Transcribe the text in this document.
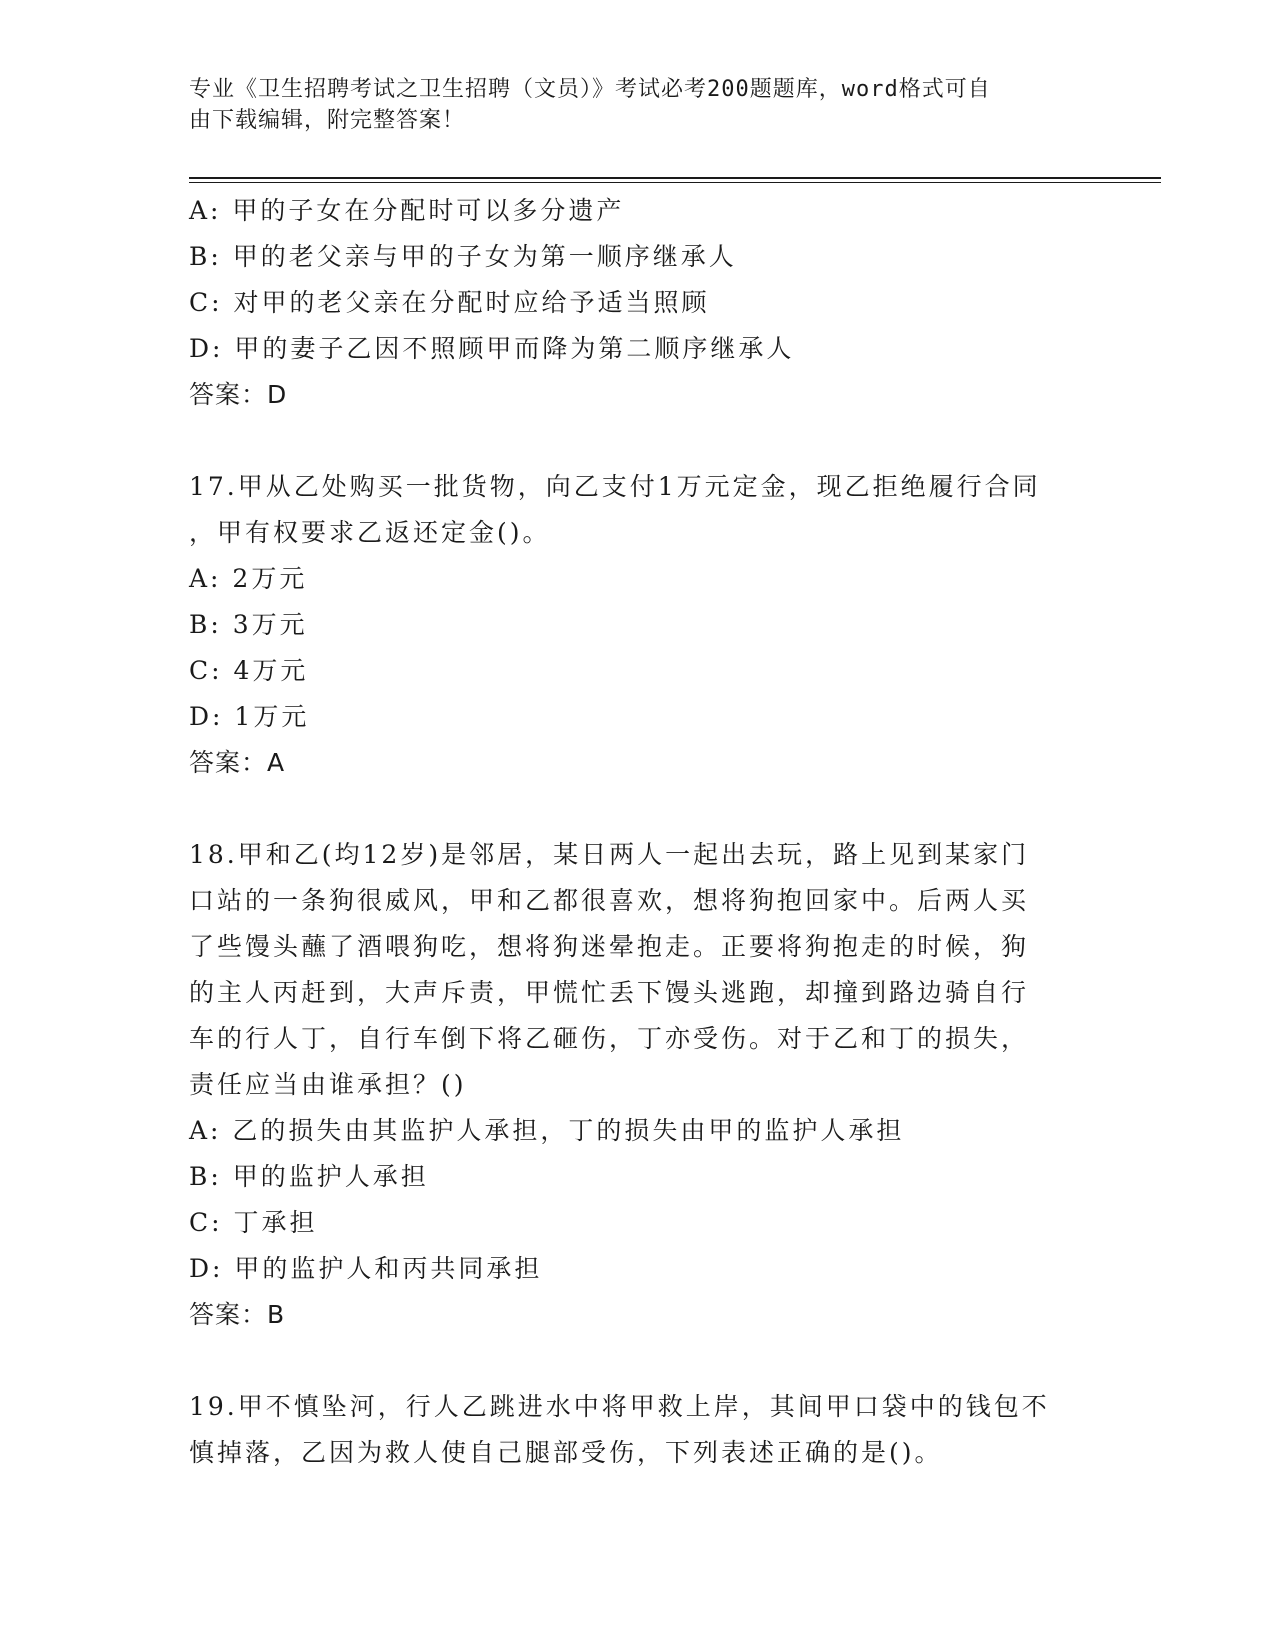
专业《卫生招聘考试之卫生招聘（文员）》考试必考200题题库，word格式可自
由下载编辑，附完整答案！
A: 甲的子女在分配时可以多分遗产
B: 甲的老父亲与甲的子女为第一顺序继承人
C: 对甲的老父亲在分配时应给予适当照顾
D: 甲的妻子乙因不照顾甲而降为第二顺序继承人
答案：D
17.甲从乙处购买一批货物，向乙支付1万元定金，现乙拒绝履行合同
，甲有权要求乙返还定金()。
A: 2万元
B: 3万元
C: 4万元
D: 1万元
答案：A
18.甲和乙(均12岁)是邻居，某日两人一起出去玩，路上见到某家门
口站的一条狗很威风，甲和乙都很喜欢，想将狗抱回家中。后两人买
了些馒头蘸了酒喂狗吃，想将狗迷晕抱走。正要将狗抱走的时候，狗
的主人丙赶到，大声斥责，甲慌忙丢下馒头逃跑，却撞到路边骑自行
车的行人丁，自行车倒下将乙砸伤，丁亦受伤。对于乙和丁的损失，
责任应当由谁承担？()
A: 乙的损失由其监护人承担，丁的损失由甲的监护人承担
B: 甲的监护人承担
C: 丁承担
D: 甲的监护人和丙共同承担
答案：B
19.甲不慎坠河，行人乙跳进水中将甲救上岸，其间甲口袋中的钱包不
慎掉落，乙因为救人使自己腿部受伤，下列表述正确的是()。
